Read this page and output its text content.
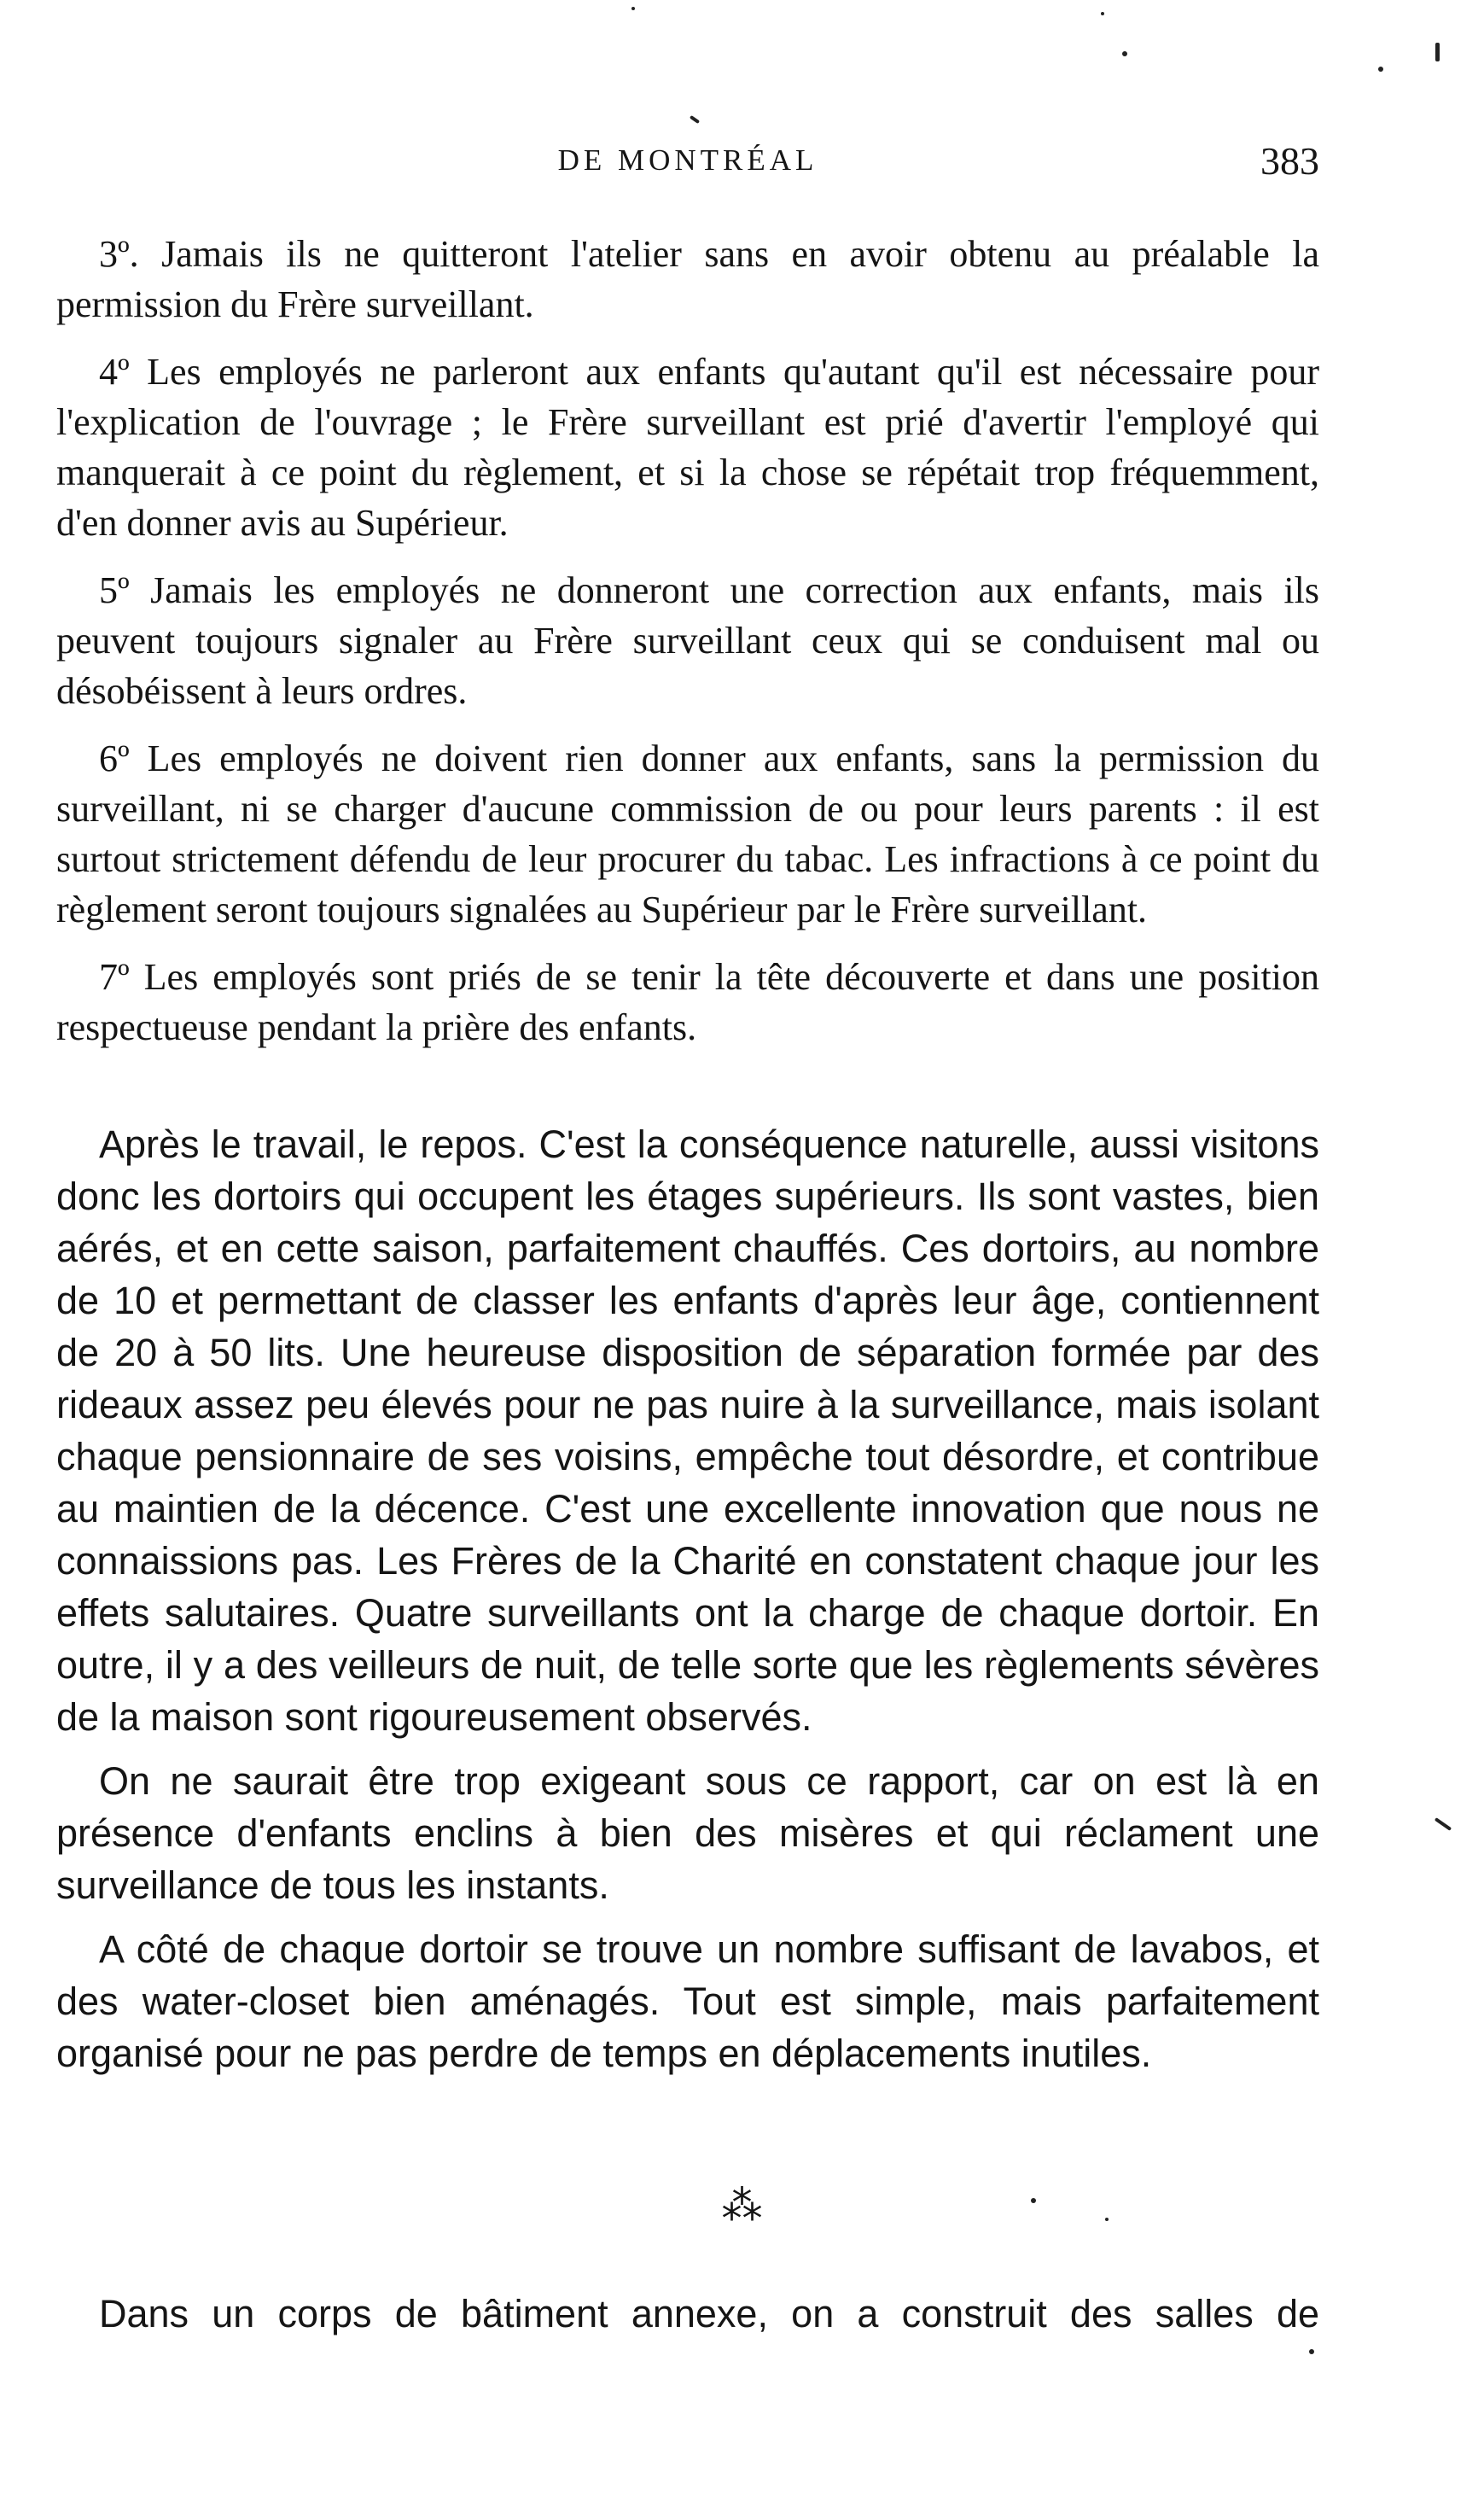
DE MONTRÉAL	383

3º. Jamais ils ne quitteront l'atelier sans en avoir obtenu au préalable la permission du Frère surveillant.

4º Les employés ne parleront aux enfants qu'autant qu'il est nécessaire pour l'explication de l'ouvrage ; le Frère surveillant est prié d'avertir l'employé qui manquerait à ce point du règlement, et si la chose se répétait trop fréquemment, d'en donner avis au Supérieur.

5º Jamais les employés ne donneront une correction aux enfants, mais ils peuvent toujours signaler au Frère surveillant ceux qui se conduisent mal ou désobéissent à leurs ordres.

6º Les employés ne doivent rien donner aux enfants, sans la permission du surveillant, ni se charger d'aucune commission de ou pour leurs parents : il est surtout strictement défendu de leur procurer du tabac. Les infractions à ce point du règlement seront toujours signalées au Supérieur par le Frère surveillant.

7º Les employés sont priés de se tenir la tête découverte et dans une position respectueuse pendant la prière des enfants.

Après le travail, le repos. C'est la conséquence naturelle, aussi visitons donc les dortoirs qui occupent les étages supérieurs. Ils sont vastes, bien aérés, et en cette saison, parfaitement chauffés. Ces dortoirs, au nombre de 10 et permettant de classer les enfants d'après leur âge, contiennent de 20 à 50 lits. Une heureuse disposition de séparation formée par des rideaux assez peu élevés pour ne pas nuire à la surveillance, mais isolant chaque pensionnaire de ses voisins, empêche tout désordre, et contribue au maintien de la décence. C'est une excellente innovation que nous ne connaissions pas. Les Frères de la Charité en constatent chaque jour les effets salutaires. Quatre surveillants ont la charge de chaque dortoir. En outre, il y a des veilleurs de nuit, de telle sorte que les règlements sévères de la maison sont rigoureusement observés.

On ne saurait être trop exigeant sous ce rapport, car on est là en présence d'enfants enclins à bien des misères et qui réclament une surveillance de tous les instants.

A côté de chaque dortoir se trouve un nombre suffisant de lavabos, et des water-closet bien aménagés. Tout est simple, mais parfaitement organisé pour ne pas perdre de temps en déplacements inutiles.

⁂
Dans un corps de bâtiment annexe, on a construit des salles de
